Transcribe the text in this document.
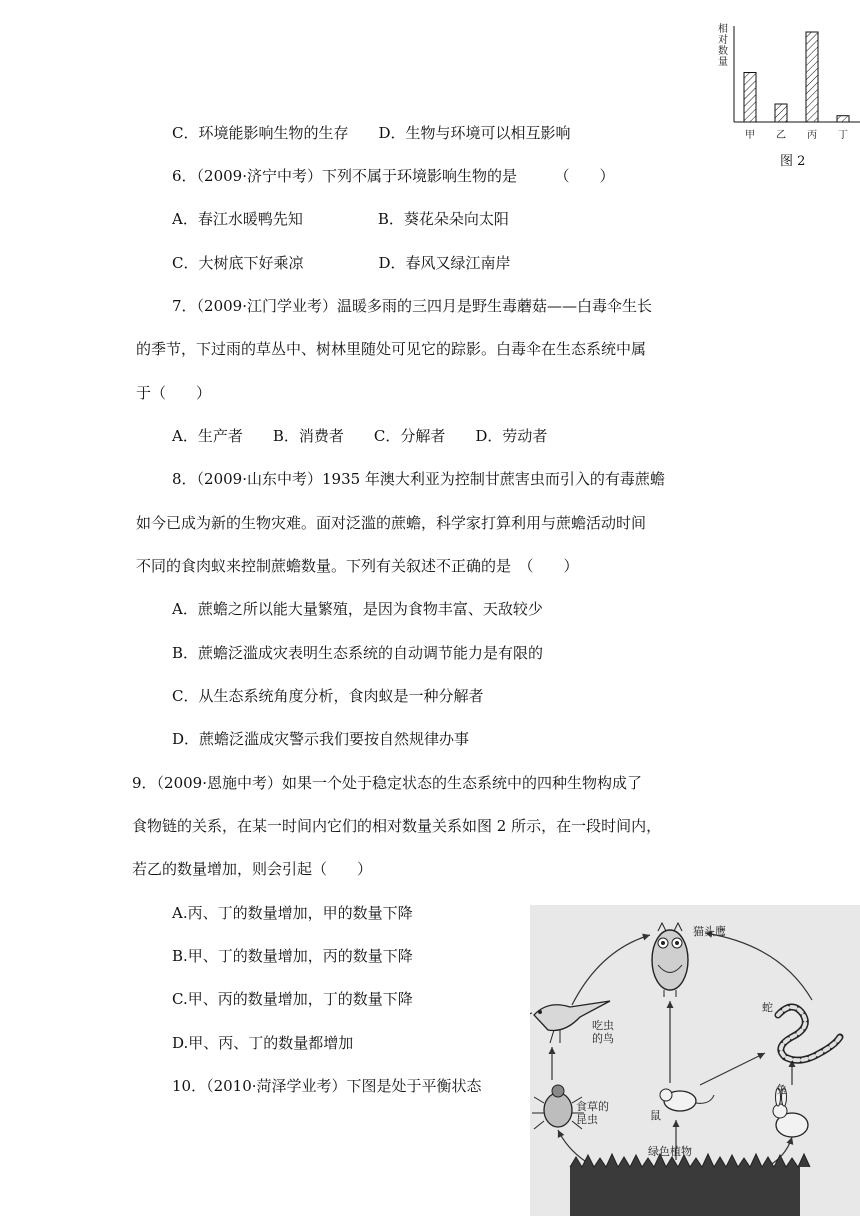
C．环境能影响生物的生存　　D．生物与环境可以相互影响
6．（2009·济宁中考）下列不属于环境影响生物的是　　　（　　）
A．春江水暖鸭先知　　　　　B．葵花朵朵向太阳
C．大树底下好乘凉　　　　　D．春风又绿江南岸
7．（2009·江门学业考）温暖多雨的三四月是野生毒蘑菇——白毒伞生长
的季节，下过雨的草丛中、树林里随处可见它的踪影。白毒伞在生态系统中属
于（　　）
A．生产者　　B．消费者　　C．分解者　　D．劳动者
8．（2009·山东中考）1935 年澳大利亚为控制甘蔗害虫而引入的有毒蔗蟾
如今已成为新的生物灾难。面对泛滥的蔗蟾，科学家打算利用与蔗蟾活动时间
不同的食肉蚁来控制蔗蟾数量。下列有关叙述不正确的是　（　　）
A．蔗蟾之所以能大量繁殖，是因为食物丰富、天敌较少
B．蔗蟾泛滥成灾表明生态系统的自动调节能力是有限的
C．从生态系统角度分析，食肉蚁是一种分解者
D．蔗蟾泛滥成灾警示我们要按自然规律办事
9．（2009·恩施中考）如果一个处于稳定状态的生态系统中的四种生物构成了
食物链的关系，在某一时间内它们的相对数量关系如图 2 所示，在一段时间内，
若乙的数量增加，则会引起（　　）
A.丙、丁的数量增加，甲的数量下降
B.甲、丁的数量增加，丙的数量下降
C.甲、丙的数量增加，丁的数量下降
D.甲、丙、丁的数量都增加
10．（2010·菏泽学业考）下图是处于平衡状态
相对数量
甲	乙	丙	丁
图 2
猫头鹰
吃虫的鸟
蛇
食草的昆虫	鼠
兔
绿色植物
